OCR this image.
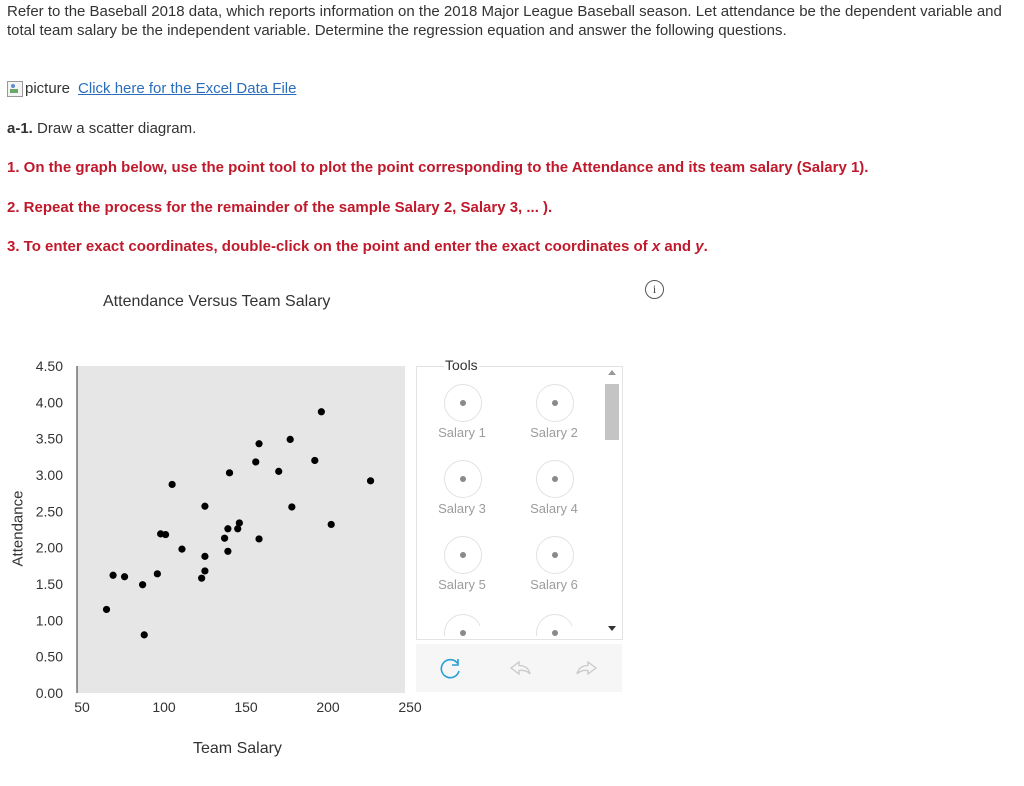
Refer to the Baseball 2018 data, which reports information on the 2018 Major League Baseball season. Let attendance be the dependent variable and total team salary be the independent variable. Determine the regression equation and answer the following questions.
picture Click here for the Excel Data File
a-1. Draw a scatter diagram.
1. On the graph below, use the point tool to plot the point corresponding to the Attendance and its team salary (Salary 1).
2. Repeat the process for the remainder of the sample Salary 2, Salary 3, ... ).
3. To enter exact coordinates, double-click on the point and enter the exact coordinates of x and y.
i
Attendance Versus Team Salary
0.00
0.50
1.00
1.50
2.00
2.50
3.00
3.50
4.00
4.50
50	100	150	200	250
Attendance
Team Salary
Tools
Salary 1	Salary 2
Salary 3	Salary 4
Salary 5	Salary 6
